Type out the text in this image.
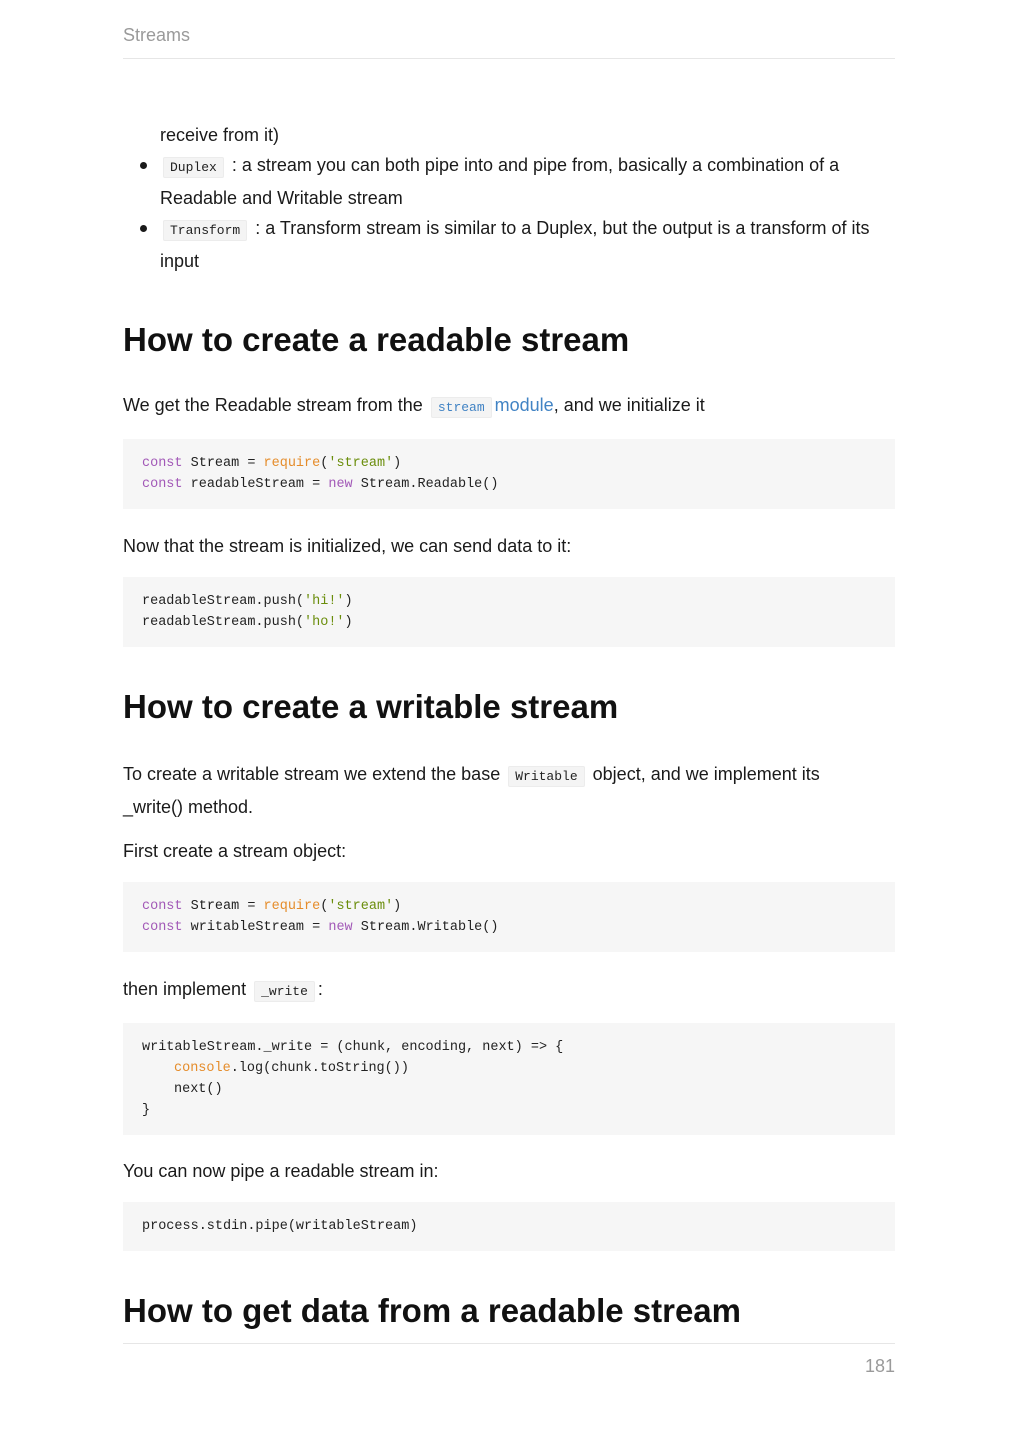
Streams

receive from it)

Duplex : a stream you can both pipe into and pipe from, basically a combination of a
Readable and Writable stream
Transform : a Transform stream is similar to a Duplex, but the output is a transform of its
input
How to create a readable stream

We get the Readable stream from the stream module, and we initialize it

const Stream = require('stream')
const readableStream = new Stream.Readable()

Now that the stream is initialized, we can send data to it:

readableStream.push('hi!')
readableStream.push('ho!')
How to create a writable stream

To create a writable stream we extend the base Writable object, and we implement its
_write() method.

First create a stream object:

const Stream = require('stream')
const writableStream = new Stream.Writable()

then implement _write :

writableStream._write = (chunk, encoding, next) => {
console.log(chunk.toString())
next()
}

You can now pipe a readable stream in:

process.stdin.pipe(writableStream)
How to get data from a readable stream
181
